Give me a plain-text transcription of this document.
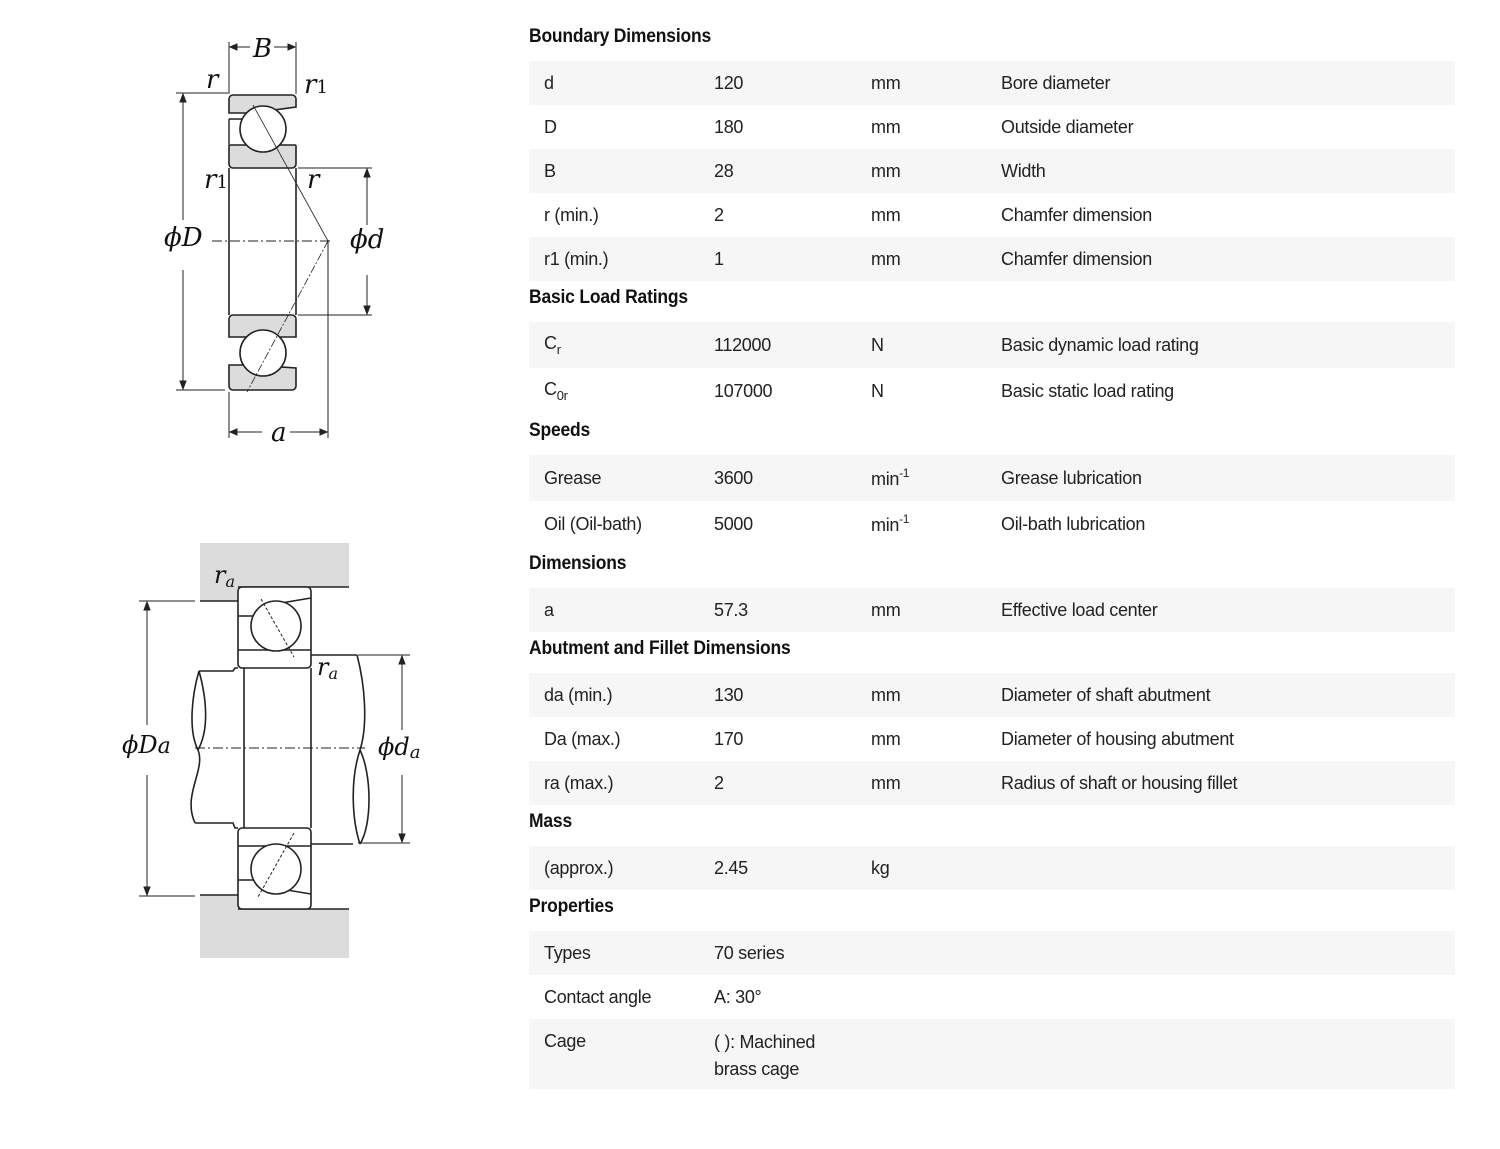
B
r	r1
r1	r
ϕD	ϕd
a
ra
ra
ϕDa	ϕda
Boundary Dimensions
d	120	mm	Bore diameter
D	180	mm	Outside diameter
B	28	mm	Width
r (min.)	2	mm	Chamfer dimension
r1 (min.)	1	mm	Chamfer dimension
Basic Load Ratings
$C_r$	112000	N	Basic dynamic load rating
$C_{0r}$	107000	N	Basic static load rating
Speeds
Grease	3600	$\min^{-1}$	Grease lubrication
Oil (Oil-bath)	5000	$\min^{-1}$	Oil-bath lubrication
Dimensions
a	57.3	mm	Effective load center
Abutment and Fillet Dimensions
da (min.)	130	mm	Diameter of shaft abutment
Da (max.)	170	mm	Diameter of housing abutment
ra (max.)	2	mm	Radius of shaft or housing fillet
Mass
(approx.)	2.45	kg
Properties
Types	70 series
Contact angle	A: 30°
Cage	( ): Machined
brass cage
